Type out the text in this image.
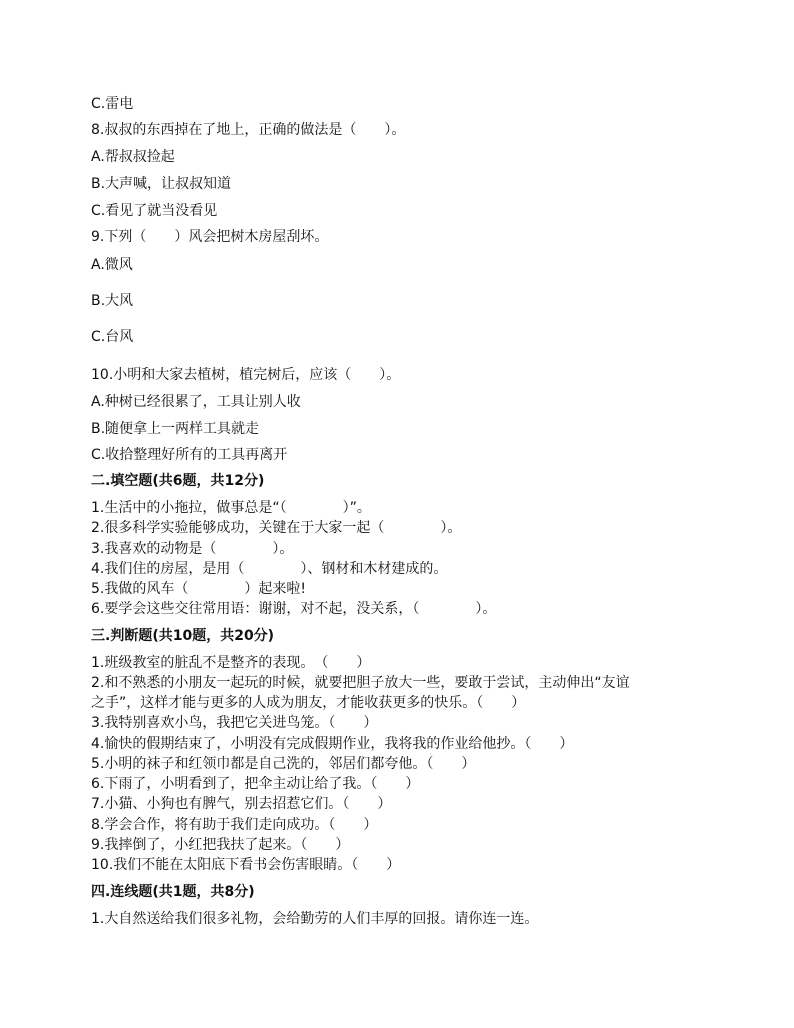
C.雷电
8.叔叔的东西掉在了地上，正确的做法是（　　）。
A.帮叔叔捡起
B.大声喊，让叔叔知道
C.看见了就当没看见
9.下列（　　）风会把树木房屋刮坏。
A.微风
B.大风
C.台风
10.小明和大家去植树，植完树后，应该（　　）。
A.种树已经很累了，工具让别人收
B.随便拿上一两样工具就走
C.收拾整理好所有的工具再离开
二.填空题(共6题，共12分)
1.生活中的小拖拉，做事总是“（　　　　）”。
2.很多科学实验能够成功，关键在于大家一起（　　　　）。
3.我喜欢的动物是（　　　　）。
4.我们住的房屋，是用（　　　　）、钢材和木材建成的。
5.我做的风车（　　　　）起来啦!
6.要学会这些交往常用语：谢谢，对不起，没关系，（　　　　）。
三.判断题(共10题，共20分)
1.班级教室的脏乱不是整齐的表现。　（　　）
2.和不熟悉的小朋友一起玩的时候，就要把胆子放大一些，要敢于尝试，主动伸出“友谊
之手”，这样才能与更多的人成为朋友，才能收获更多的快乐。（　　）
3.我特别喜欢小鸟，我把它关进鸟笼。（　　）
4.愉快的假期结束了，小明没有完成假期作业，我将我的作业给他抄。（　　）
5.小明的袜子和红领巾都是自己洗的，邻居们都夸他。（　　）
6.下雨了，小明看到了，把伞主动让给了我。（　　）
7.小猫、小狗也有脾气，别去招惹它们。（　　）
8.学会合作，将有助于我们走向成功。（　　）
9.我摔倒了，小红把我扶了起来。（　　）
10.我们不能在太阳底下看书会伤害眼睛。（　　）
四.连线题(共1题，共8分)
1.大自然送给我们很多礼物，会给勤劳的人们丰厚的回报。请你连一连。
